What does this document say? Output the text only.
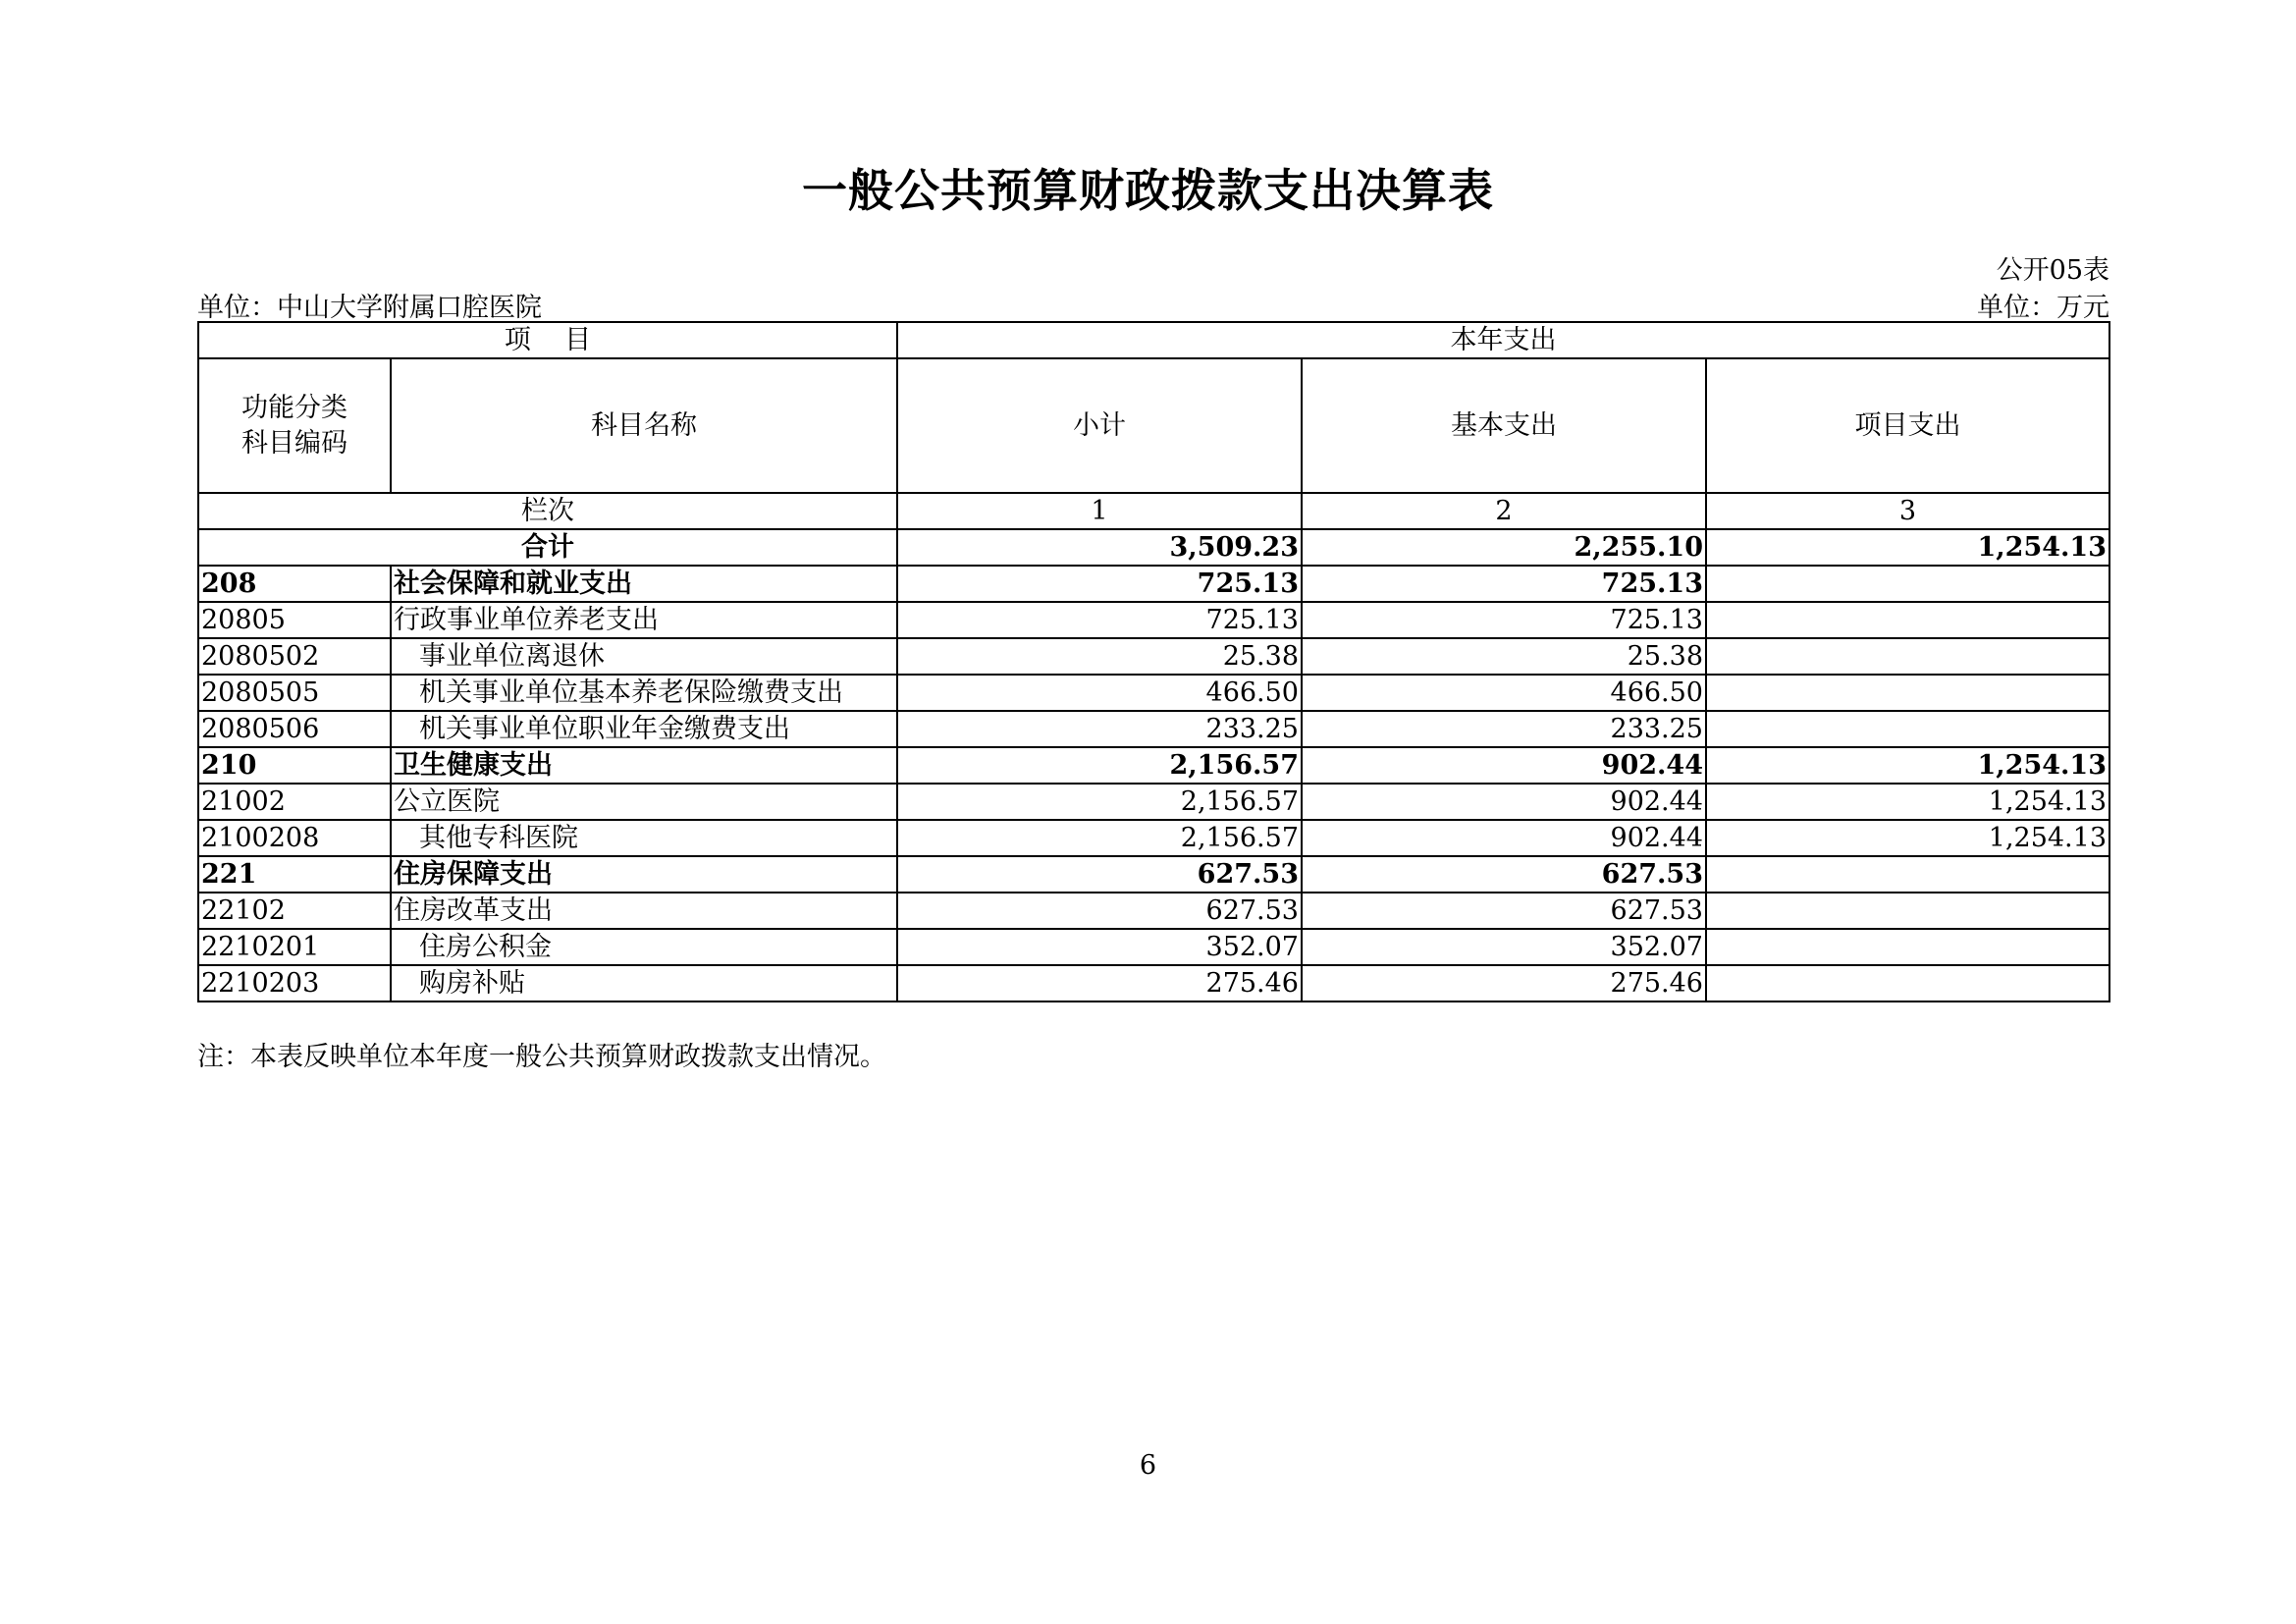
一般公共预算财政拨款支出决算表
公开05表
单位：中山大学附属口腔医院	单位：万元
项    目		本年支出		
功能分类
科目编码	科目名称	小计	基本支出	项目支出
栏次		1	2	3
合计		3,509.23	2,255.10	1,254.13
208	社会保障和就业支出	725.13	725.13	
20805	行政事业单位养老支出	725.13	725.13	
2080502	事业单位离退休	25.38	25.38	
2080505	机关事业单位基本养老保险缴费支出	466.50	466.50	
2080506	机关事业单位职业年金缴费支出	233.25	233.25	
210	卫生健康支出	2,156.57	902.44	1,254.13
21002	公立医院	2,156.57	902.44	1,254.13
2100208	其他专科医院	2,156.57	902.44	1,254.13
221	住房保障支出	627.53	627.53	
22102	住房改革支出	627.53	627.53	
2210201	住房公积金	352.07	352.07	
2210203	购房补贴	275.46	275.46	
注：本表反映单位本年度一般公共预算财政拨款支出情况。
6
